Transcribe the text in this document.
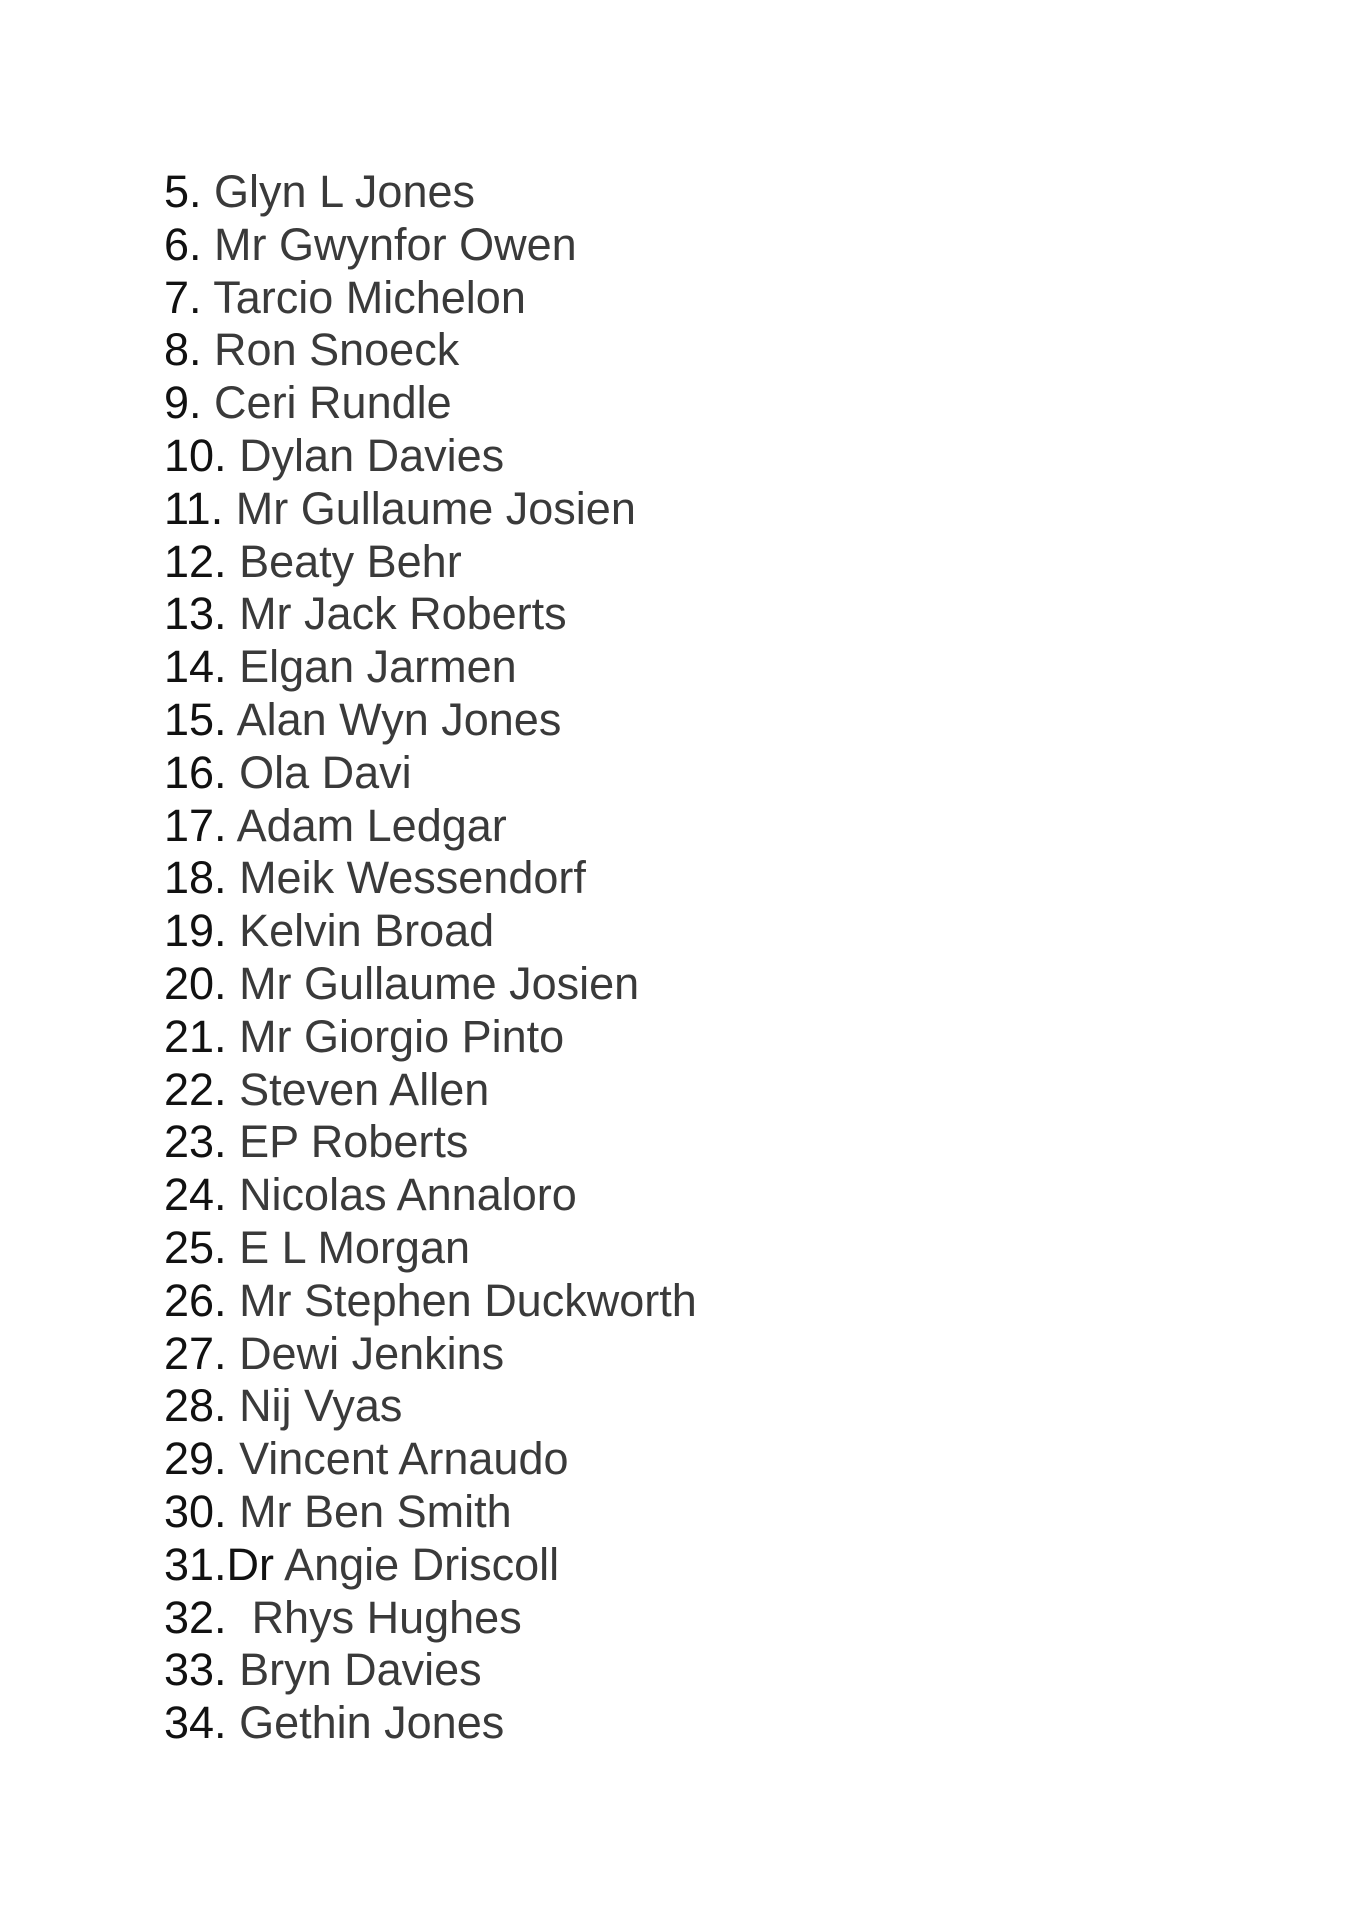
5. Glyn L Jones
6. Mr Gwynfor Owen
7. Tarcio Michelon
8. Ron Snoeck
9. Ceri Rundle
10. Dylan Davies
11. Mr Gullaume Josien
12. Beaty Behr
13. Mr Jack Roberts
14. Elgan Jarmen
15. Alan Wyn Jones
16. Ola Davi
17. Adam Ledgar
18. Meik Wessendorf
19. Kelvin Broad
20. Mr Gullaume Josien
21. Mr Giorgio Pinto
22. Steven Allen
23. EP Roberts
24. Nicolas Annaloro
25. E L Morgan
26. Mr Stephen Duckworth
27. Dewi Jenkins
28. Nij Vyas
29. Vincent Arnaudo
30. Mr Ben Smith
31.Dr Angie Driscoll
32.  Rhys Hughes
33. Bryn Davies
34. Gethin Jones
